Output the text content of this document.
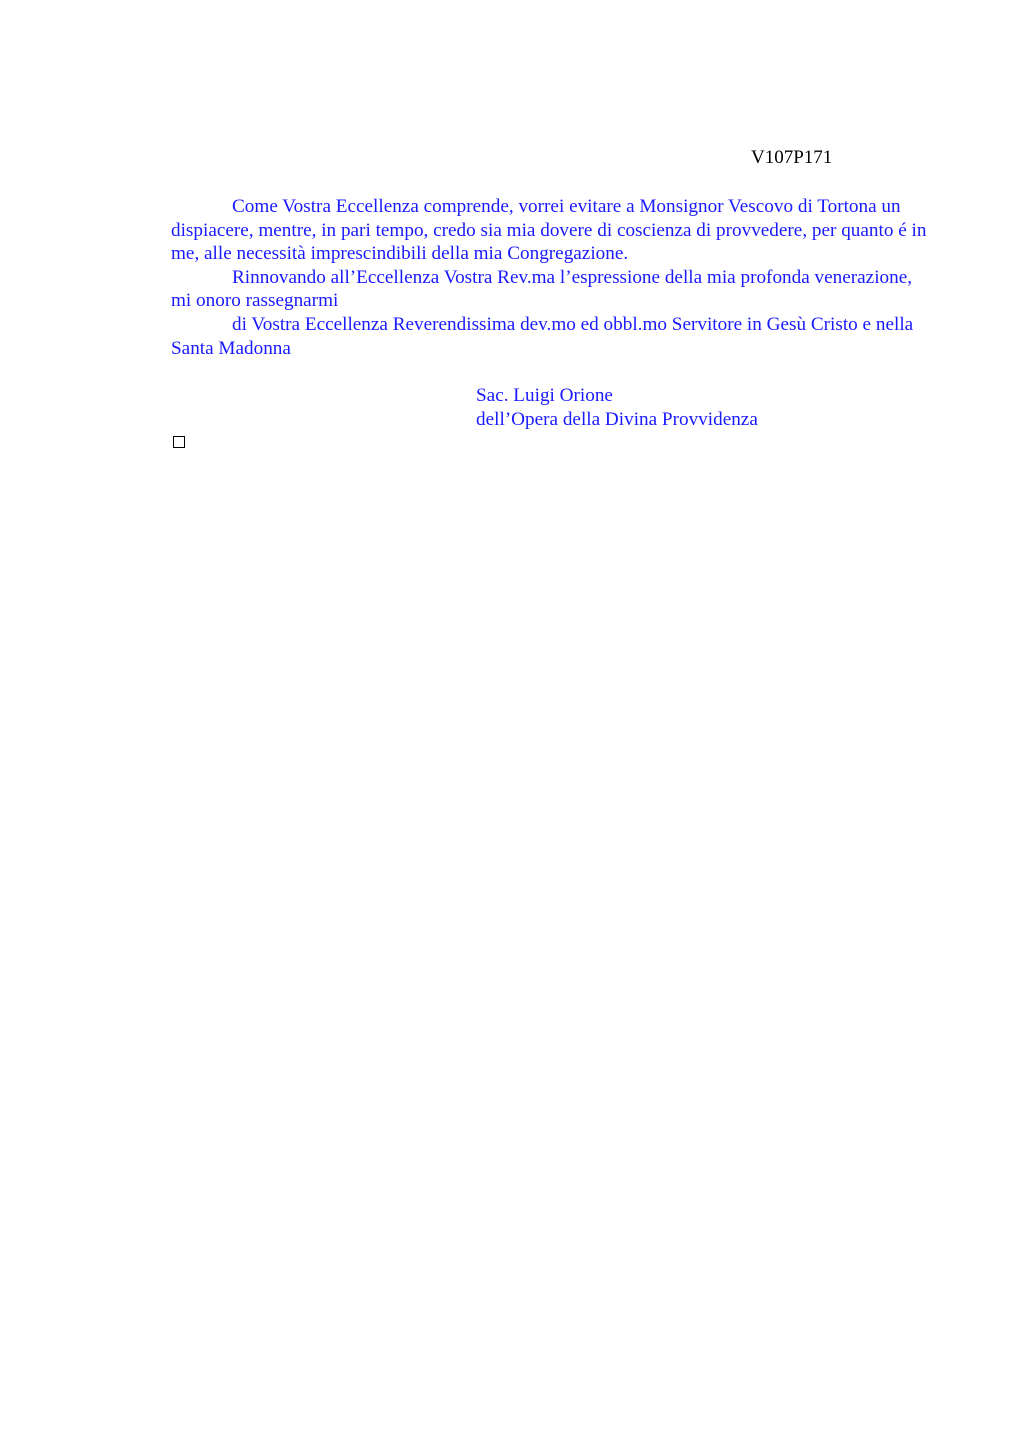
V107P171

Come Vostra Eccellenza comprende, vorrei evitare a Monsignor Vescovo di Tortona un dispiacere, mentre, in pari tempo, credo sia mia dovere di coscienza di provvedere, per quanto é in me, alle necessità imprescindibili della mia Congregazione.

Rinnovando all’Eccellenza Vostra Rev.ma l’espressione della mia profonda venerazione, mi onoro rassegnarmi

di Vostra Eccellenza Reverendissima dev.mo ed obbl.mo Servitore in Gesù Cristo e nella Santa Madonna

Sac. Luigi Orione
dell’Opera della Divina Provvidenza
